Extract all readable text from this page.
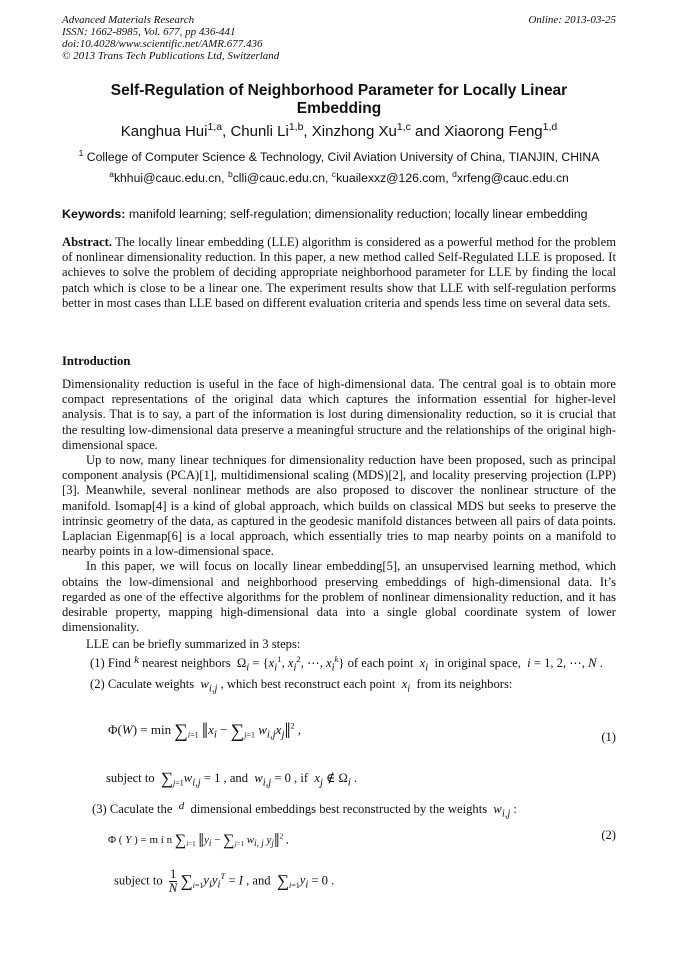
Advanced Materials Research
ISSN: 1662-8985, Vol. 677, pp 436-441
doi:10.4028/www.scientific.net/AMR.677.436
© 2013 Trans Tech Publications Ltd, Switzerland
Online: 2013-03-25
Self-Regulation of Neighborhood Parameter for Locally Linear
Embedding
Kanghua Hui$^{1,a}$, Chunli Li$^{1,b}$, Xinzhong Xu$^{1,c}$ and Xiaorong Feng$^{1,d}$
$^1$ College of Computer Science & Technology, Civil Aviation University of China, TIANJIN, CHINA
$^a$khhui@cauc.edu.cn, $^b$clli@cauc.edu.cn, $^c$kuailexxz@126.com, $^d$xrfeng@cauc.edu.cn
Keywords: manifold learning; self-regulation; dimensionality reduction; locally linear embedding
Abstract. The locally linear embedding (LLE) algorithm is considered as a powerful method for the problem of nonlinear dimensionality reduction. In this paper, a new method called Self-Regulated LLE is proposed. It achieves to solve the problem of deciding appropriate neighborhood parameter for LLE by finding the local patch which is close to be a linear one. The experiment results show that LLE with self-regulation performs better in most cases than LLE based on different evaluation criteria and spends less time on several data sets.
Introduction

Dimensionality reduction is useful in the face of high-dimensional data. The central goal is to obtain more compact representations of the original data which captures the information essential for higher-level analysis. That is to say, a part of the information is lost during dimensionality reduction, so it is crucial that the resulting low-dimensional data preserve a meaningful structure and the relationships of the original high-dimensional space.

Up to now, many linear techniques for dimensionality reduction have been proposed, such as principal component analysis (PCA)[1], multidimensional scaling (MDS)[2], and locality preserving projection (LPP)[3]. Meanwhile, several nonlinear methods are also proposed to discover the nonlinear structure of the manifold. Isomap[4] is a kind of global approach, which builds on classical MDS but seeks to preserve the intrinsic geometry of the data, as captured in the geodesic manifold distances between all pairs of data points. Laplacian Eigenmap[6] is a local approach, which essentially tries to map nearby points on a manifold to nearby points in a low-dimensional space.

In this paper, we will focus on locally linear embedding[5], an unsupervised learning method, which obtains the low-dimensional and neighborhood preserving embeddings of high-dimensional data. It’s regarded as one of the effective algorithms for the problem of nonlinear dimensionality reduction, and it has desirable property, mapping high-dimensional data into a single global coordinate system of lower dimensionality.

LLE can be briefly summarized in 3 steps:
(1) Find k nearest neighbors  $\Omega_i = \{x_i^1$, $x_i^2$, ⋯, $x_i^k$} of each point $x_i$ in original space, i = 1, 2, ⋯, N .
(2) Caculate weights $w_{i,j}$ , which best reconstruct each point $x_i$ from its neighbors:
$\Phi(W) = \min \sum_{i=1}$ $‖x_i - \sum_{j=1}$ $w_{i,j}x_j‖^2$ ,	(1)
subject to $\sum_{j=1}w_{i,j} = 1$ , and $w_{i,j} = 0$ , if $x_j$ ∉ $\Omega_i$ .
(3) Caculate the d dimensional embeddings best reconstructed by the weights $w_{i,j}$ :
Φ ( Y ) = m i n $\sum_{i=1}$ $‖y_i - \sum_{j=1}$ $w_{i, j}$ $y_j‖^2$ ,	(2)
subject to $\frac{1}{N} \sum_{i=1}y_iy_i^T = I$ , and $\sum_{i=1}y_i = 0$ .
